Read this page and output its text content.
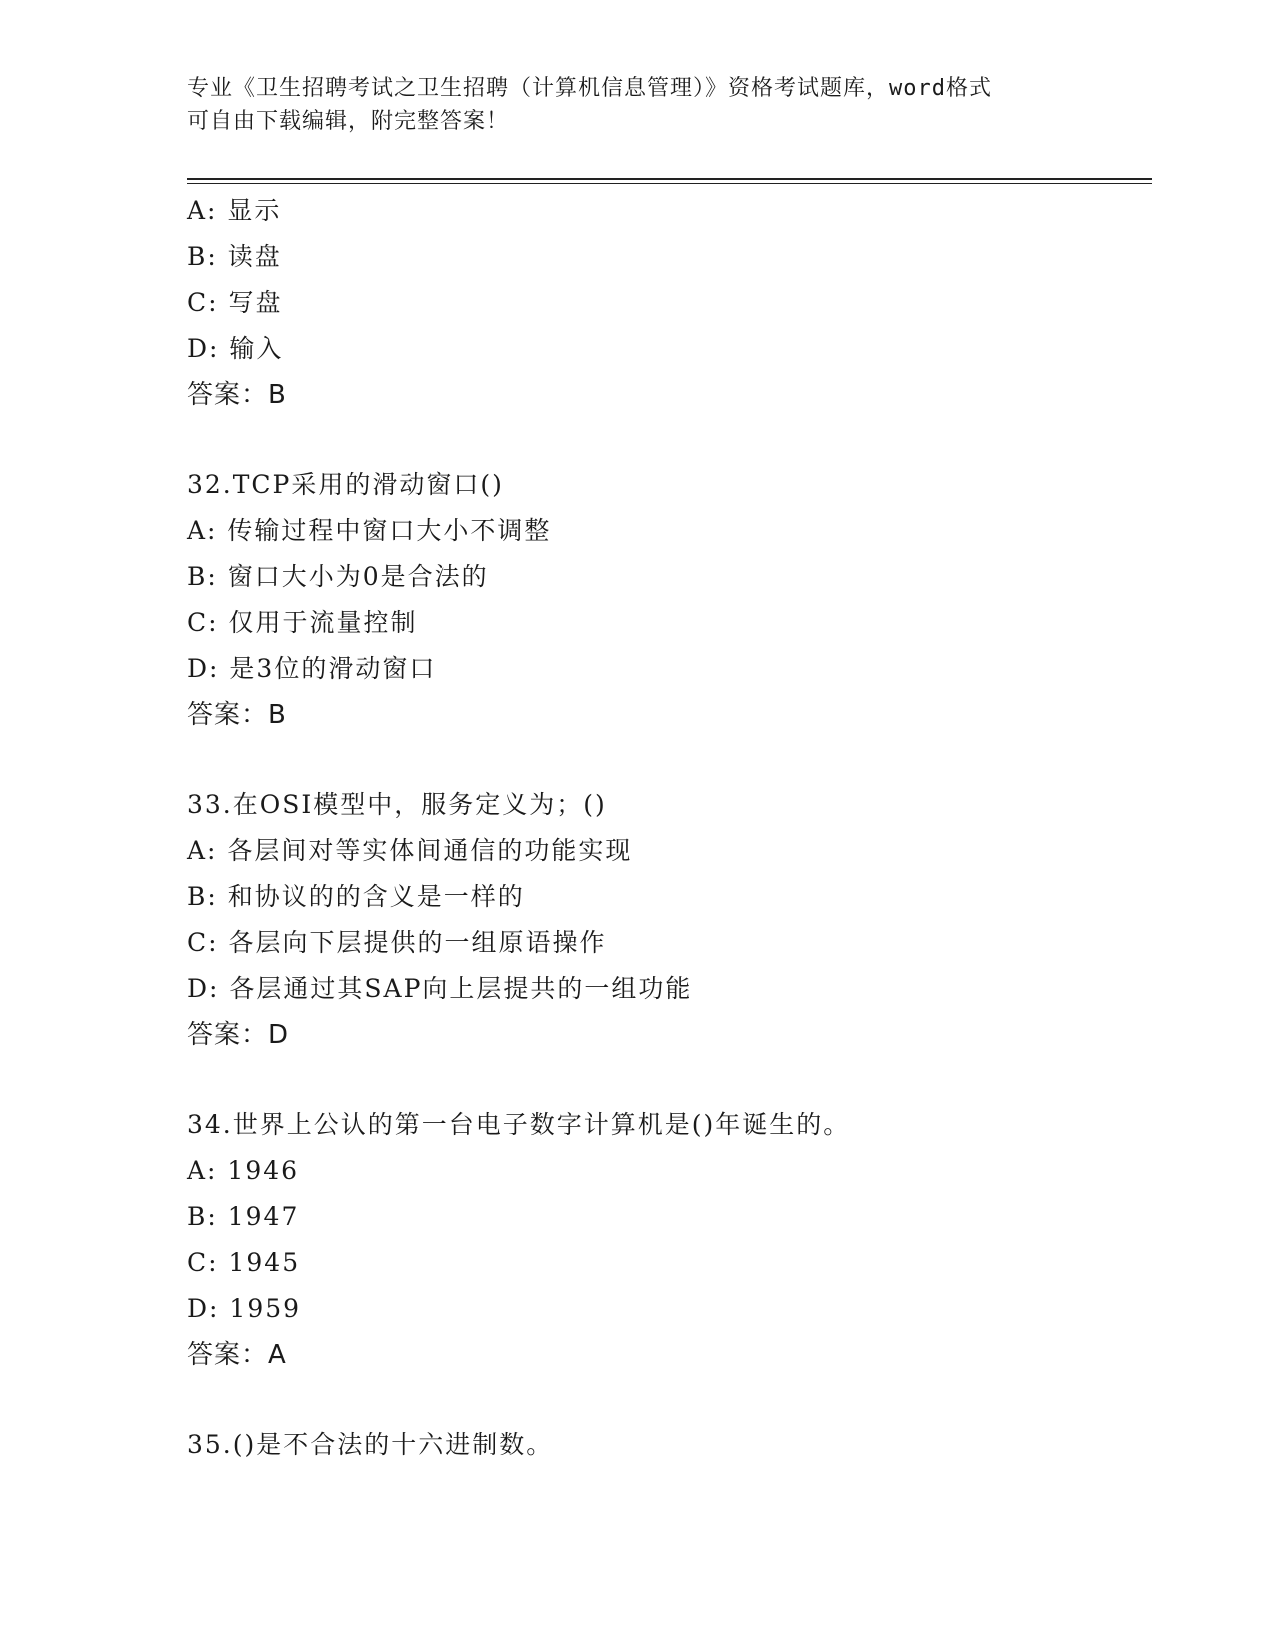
专业《卫生招聘考试之卫生招聘（计算机信息管理）》资格考试题库，word格式
可自由下载编辑，附完整答案！
A: 显示
B: 读盘
C: 写盘
D: 输入
答案：B
32.TCP采用的滑动窗口()
A: 传输过程中窗口大小不调整
B: 窗口大小为0是合法的
C: 仅用于流量控制
D: 是3位的滑动窗口
答案：B
33.在OSI模型中，服务定义为；()
A: 各层间对等实体间通信的功能实现
B: 和协议的的含义是一样的
C: 各层向下层提供的一组原语操作
D: 各层通过其SAP向上层提共的一组功能
答案：D
34.世界上公认的第一台电子数字计算机是()年诞生的。
A: 1946
B: 1947
C: 1945
D: 1959
答案：A
35.()是不合法的十六进制数。
